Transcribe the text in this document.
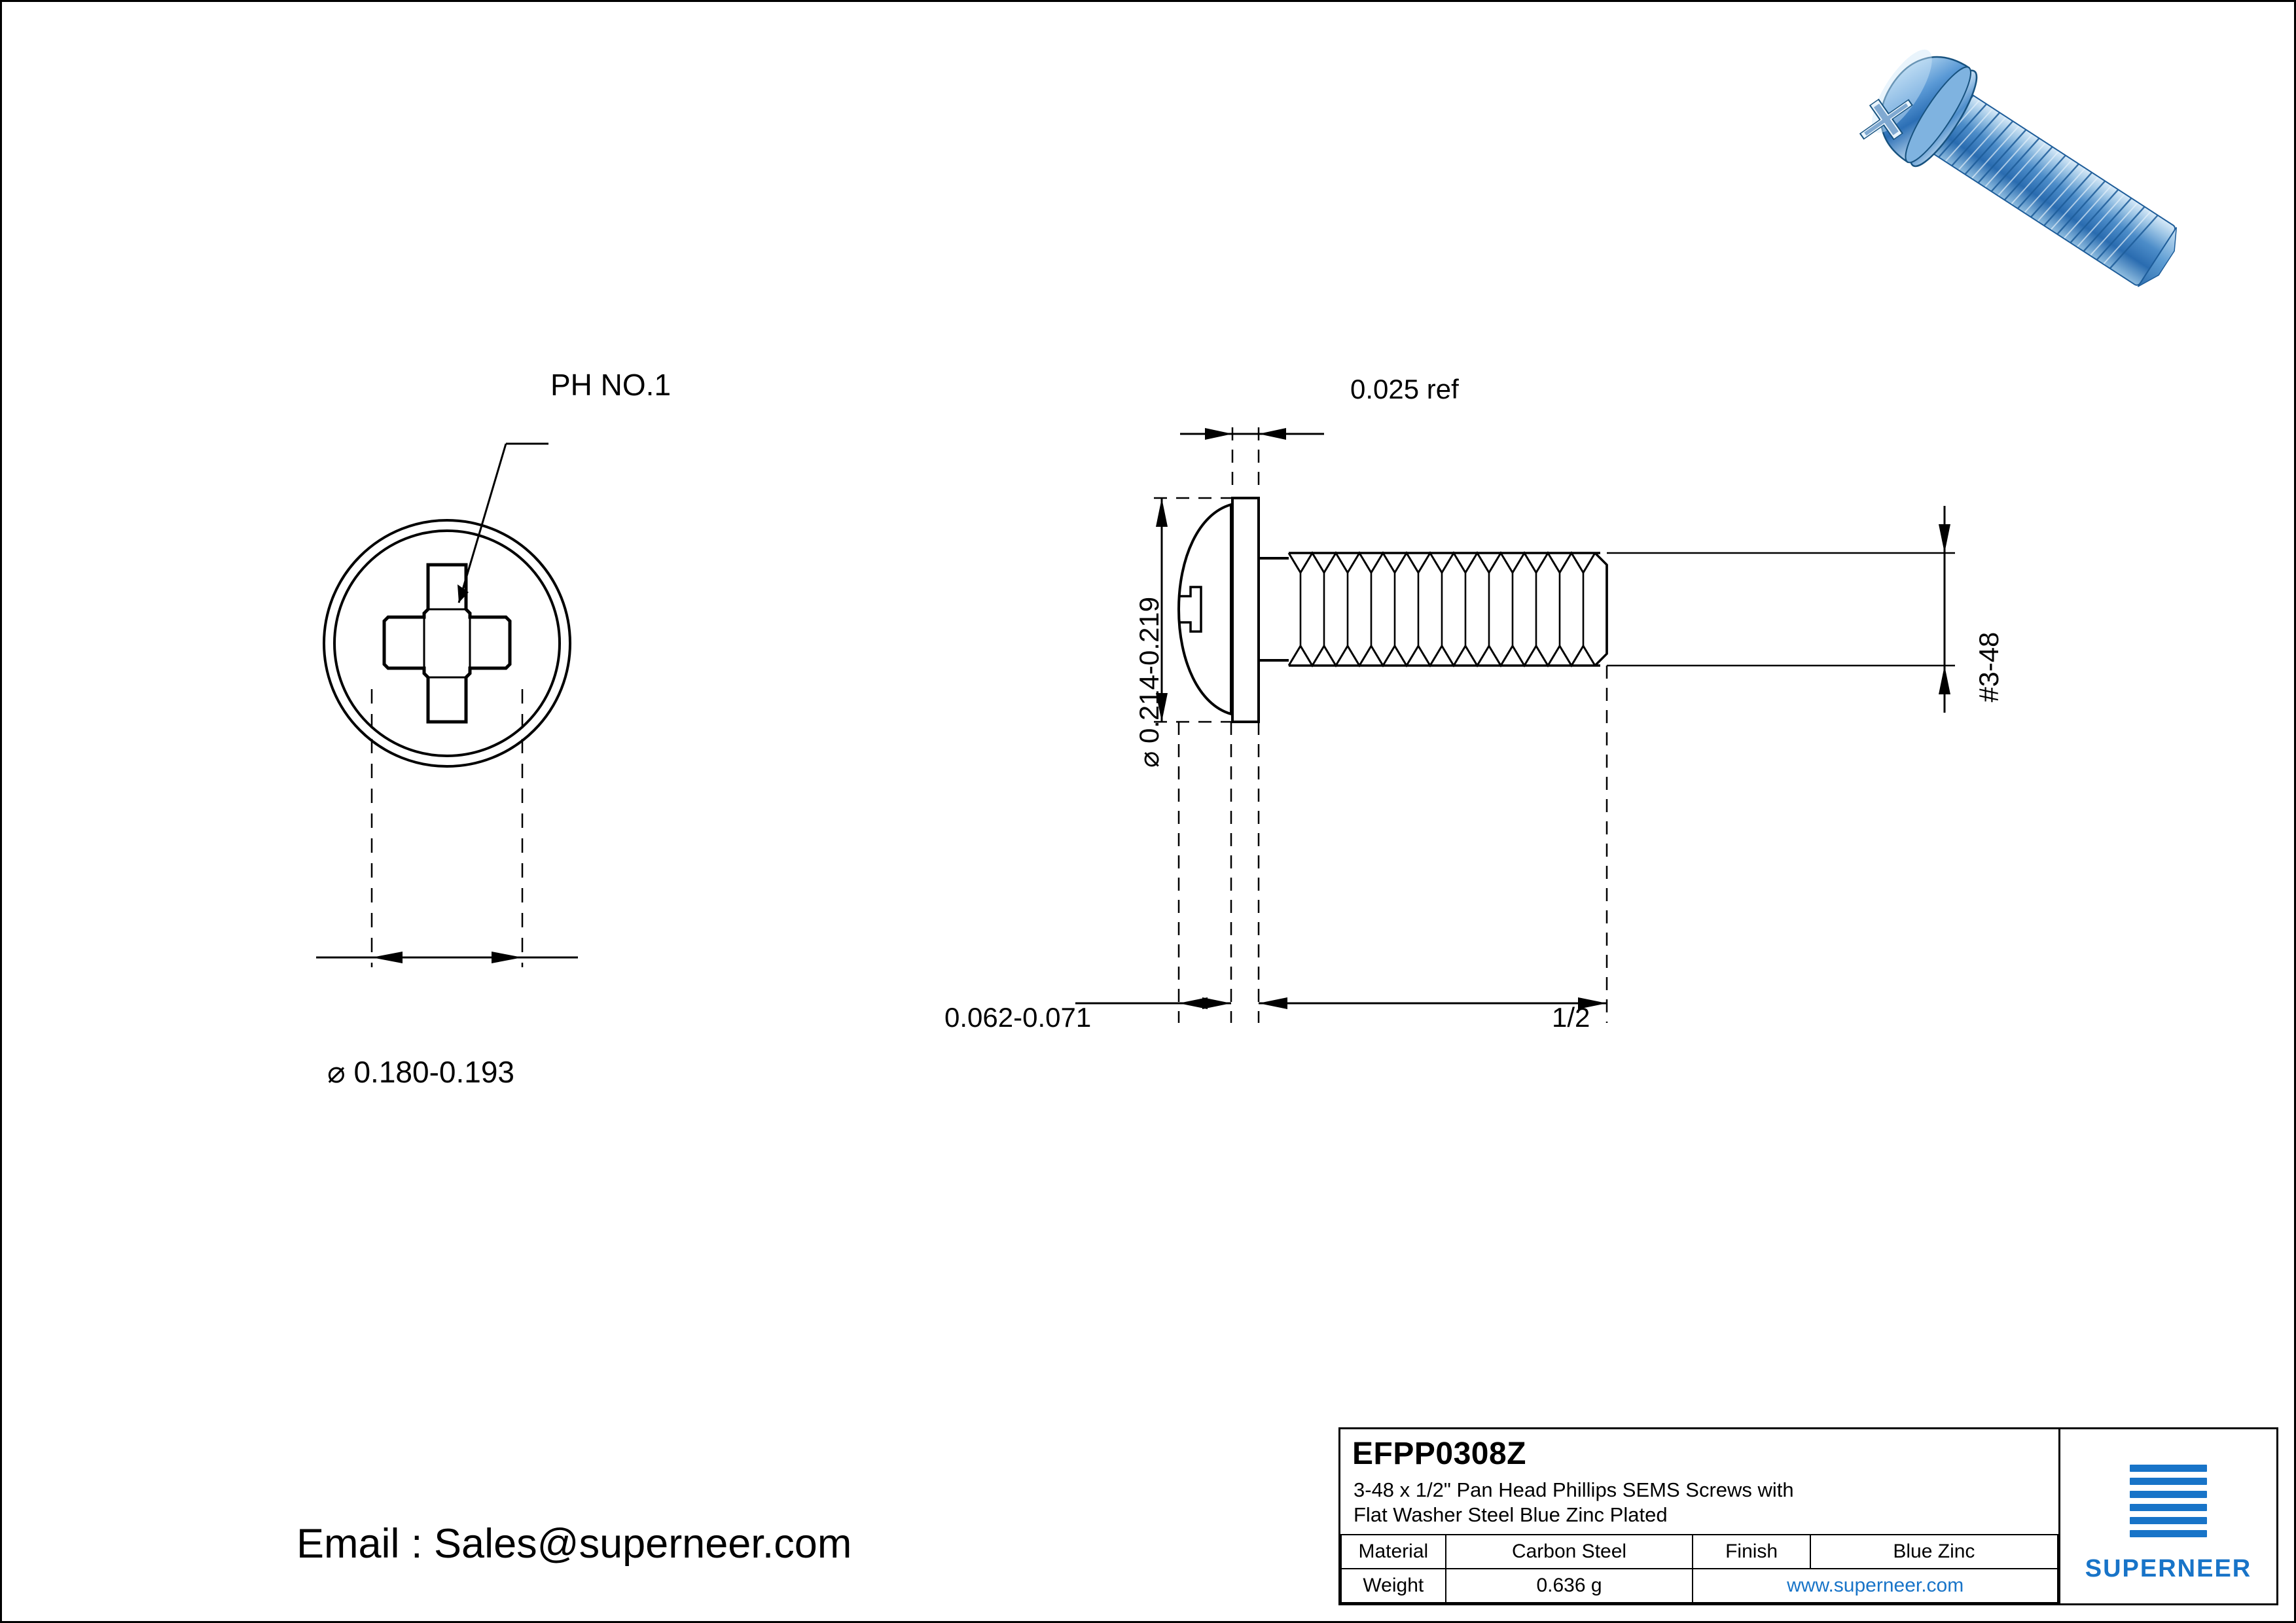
PH NO.1
⌀ 0.180-0.193
0.025 ref
⌀ 0.214-0.219	#3-48
0.062-0.071	1/2
Email : Sales@superneer.com
EFPP0308Z
3-48 x 1/2" Pan Head Phillips SEMS Screws with
Flat Washer Steel Blue Zinc Plated
Material	Carbon Steel	Finish	Blue Zinc
Weight	0.636 g	www.superneer.com	
SUPERNEER
